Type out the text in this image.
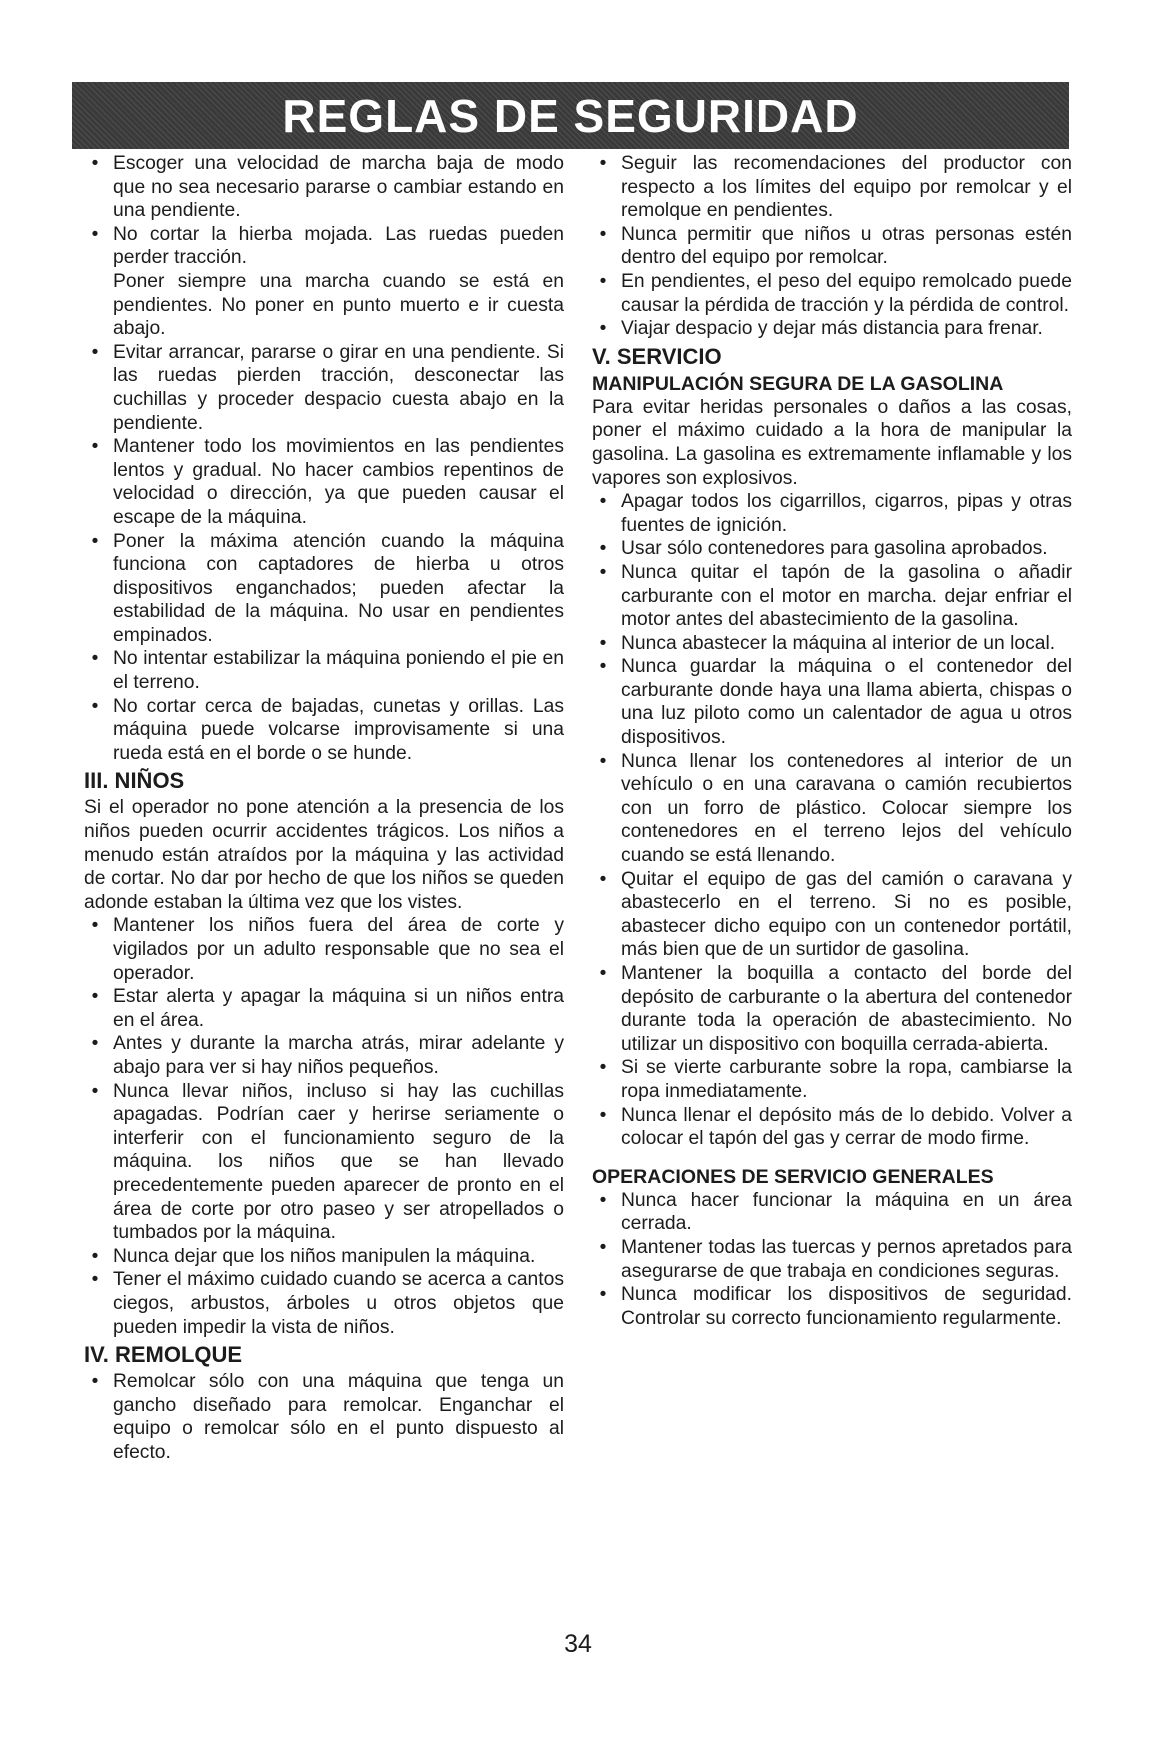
REGLAS DE SEGURIDAD
• Escoger una velocidad de marcha baja de modo que no sea necesario pararse o cambiar estando en una pendiente.
• No cortar la hierba mojada. Las ruedas pueden perder tracción.
Poner siempre una marcha cuando se está en pendientes. No poner en punto muerto e ir cuesta abajo.
• Evitar arrancar, pararse o girar en una pendiente. Si las ruedas pierden tracción, desconectar las cuchillas y proceder despacio cuesta abajo en la pendiente.
• Mantener todo los movimientos en las pendientes lentos y gradual. No hacer cambios repentinos de velocidad o dirección, ya que pueden causar el escape de la máquina.
• Poner la máxima atención cuando la máquina funciona con captadores de hierba u otros dispositivos enganchados; pueden afectar la estabilidad de la máquina. No usar en pendientes empinados.
• No intentar estabilizar la máquina poniendo el pie en el terreno.
• No cortar cerca de bajadas, cunetas y orillas. Las máquina puede volcarse improvisamente si una rueda está en el borde o se hunde.
III. NIÑOS
Si el operador no pone atención a la presencia de los niños pueden ocurrir accidentes trágicos. Los niños a menudo están atraídos por la máquina y las actividad de cortar. No dar por hecho de que los niños se queden adonde estaban la última vez que los vistes.
• Mantener los niños fuera del área de corte y vigilados por un adulto responsable que no sea el operador.
• Estar alerta y apagar la máquina si un niños entra en el área.
• Antes y durante la marcha atrás, mirar adelante y abajo para ver si hay niños pequeños.
• Nunca llevar niños, incluso si hay las cuchillas apagadas. Podrían caer y herirse seriamente o interferir con el funcionamiento seguro de la máquina. los niños que se han llevado precedentemente pueden aparecer de pronto en el área de corte por otro paseo y ser atropellados o tumbados por la máquina.
• Nunca dejar que los niños manipulen la máquina.
• Tener el máximo cuidado cuando se acerca a cantos ciegos, arbustos, árboles u otros objetos que pueden impedir la vista de niños.
IV. REMOLQUE
• Remolcar sólo con una máquina que tenga un gancho diseñado para remolcar. Enganchar el equipo o remolcar sólo en el punto dispuesto al efecto.
• Seguir las recomendaciones del productor con respecto a los límites del equipo por remolcar y el remolque en pendientes.
• Nunca permitir que niños u otras personas estén dentro del equipo por remolcar.
• En pendientes, el peso del equipo remolcado puede causar la pérdida de tracción y la pérdida de control.
• Viajar despacio y dejar más distancia para frenar.
V. SERVICIO
MANIPULACIÓN SEGURA DE LA GASOLINA
Para evitar heridas personales o daños a las cosas, poner el máximo cuidado a la hora de manipular la gasolina. La gasolina es extremamente inflamable y los vapores son explosivos.
• Apagar todos los cigarrillos, cigarros, pipas y otras fuentes de ignición.
• Usar sólo contenedores para gasolina aprobados.
• Nunca quitar el tapón de la gasolina o añadir carburante con el motor en marcha. dejar enfriar el motor antes del abastecimiento de la gasolina.
• Nunca abastecer la máquina al interior de un local.
• Nunca guardar la máquina o el contenedor del carburante donde haya una llama abierta, chispas o una luz piloto como un calentador de agua u otros dispositivos.
• Nunca llenar los contenedores al interior de un vehículo o en una caravana o camión recubiertos con un forro de plástico. Colocar siempre los contenedores en el terreno lejos del vehículo cuando se está llenando.
• Quitar el equipo de gas del camión o caravana y abastecerlo en el terreno. Si no es posible, abastecer dicho equipo con un contenedor portátil, más bien que de un surtidor de gasolina.
• Mantener la boquilla a contacto del borde del depósito de carburante o la abertura del contenedor durante toda la operación de abastecimiento. No utilizar un dispositivo con boquilla cerrada-abierta.
• Si se vierte carburante sobre la ropa, cambiarse la ropa inmediatamente.
• Nunca llenar el depósito más de lo debido. Volver a colocar el tapón del gas y cerrar de modo firme.
OPERACIONES DE SERVICIO GENERALES
• Nunca hacer funcionar la máquina en un área cerrada.
• Mantener todas las tuercas y pernos apretados para asegurarse de que trabaja en condiciones seguras.
• Nunca modificar los dispositivos de seguridad. Controlar su correcto funcionamiento regularmente.
34
